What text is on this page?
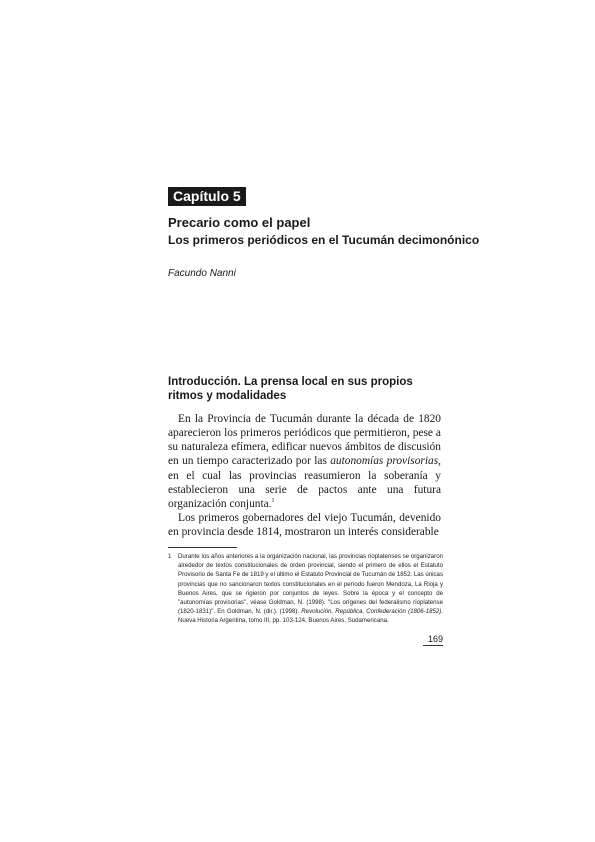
Capítulo 5
Precario como el papel
Los primeros periódicos en el Tucumán decimonónico
Facundo Nanni
Introducción. La prensa local en sus propios ritmos y modalidades

En la Provincia de Tucumán durante la década de 1820 aparecieron los primeros periódicos que permitieron, pese a su naturaleza efímera, edificar nuevos ámbitos de discusión en un tiempo caracterizado por las autonomías provisorias, en el cual las provincias reasumieron la soberanía y establecieron una serie de pactos ante una futura organización conjunta.$^1$

Los primeros gobernadores del viejo Tucumán, devenido en provincia desde 1814, mostraron un interés considerable

1 Durante los años anteriores a la organización nacional, las provincias rioplatenses se organizaron alrededor de textos constitucionales de orden provincial, siendo el primero de ellos el Estatuto Provisorio de Santa Fe de 1819 y el último el Estatuto Provincial de Tucumán de 1852. Las únicas provincias que no sancionaron textos constitucionales en el período fueron Mendoza, La Rioja y Buenos Aires, que se rigieron por conjuntos de leyes. Sobre la época y el concepto de "autonomías provisorias", véase Goldman, N. (1998). "Los orígenes del federalismo rioplatense (1820-1831)". En Goldman, N. (dir.). (1998). Revolución, República, Confederación (1806-1852). Nueva Historia Argentina, tomo III, pp. 103-124, Buenos Aires, Sudamericana.
169
